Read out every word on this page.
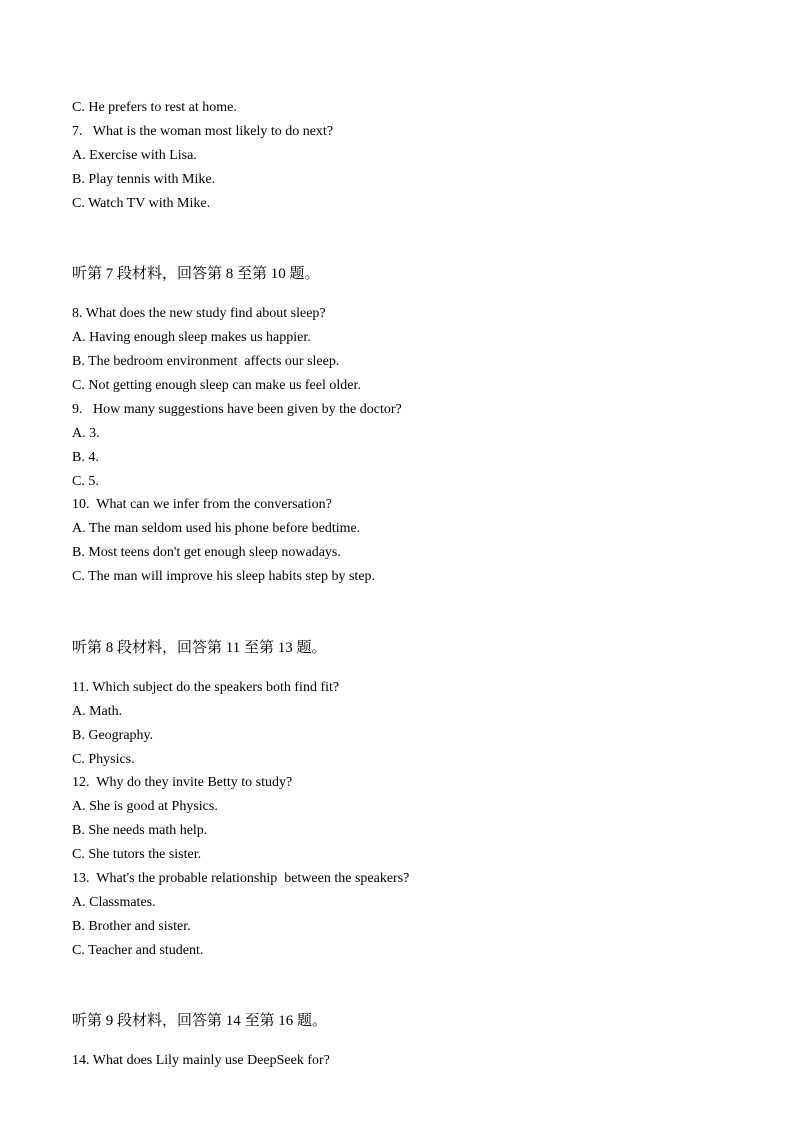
C. He prefers to rest at home.

7.   What is the woman most likely to do next?

A. Exercise with Lisa.

B. Play tennis with Mike.

C. Watch TV with Mike.

听第 7 段材料，回答第 8 至第 10 题。

8. What does the new study find about sleep?

A. Having enough sleep makes us happier.

B. The bedroom environment  affects our sleep.

C. Not getting enough sleep can make us feel older.

9.   How many suggestions have been given by the doctor?

A. 3.

B. 4.

C. 5.

10.  What can we infer from the conversation?

A. The man seldom used his phone before bedtime.

B. Most teens don't get enough sleep nowadays.

C. The man will improve his sleep habits step by step.

听第 8 段材料，回答第 11 至第 13 题。

11. Which subject do the speakers both find fit?

A. Math.

B. Geography.

C. Physics.

12.  Why do they invite Betty to study?

A. She is good at Physics.

B. She needs math help.

C. She tutors the sister.

13.  What's the probable relationship  between the speakers?

A. Classmates.

B. Brother and sister.

C. Teacher and student.

听第 9 段材料，回答第 14 至第 16 题。

14. What does Lily mainly use DeepSeek for?
